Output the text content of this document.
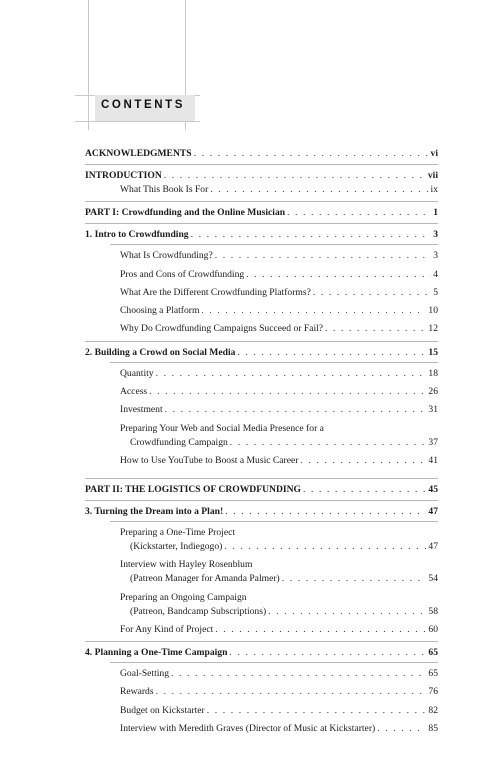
CONTENTS
ACKNOWLEDGMENTS . . .	vi
INTRODUCTION . . .	vii
What This Book Is For . . .	ix
PART I: Crowdfunding and the Online Musician . . .	1
1. Intro to Crowdfunding . . .	3
What Is Crowdfunding? . . .	3
Pros and Cons of Crowdfunding . . .	4
What Are the Different Crowdfunding Platforms? . . .	5
Choosing a Platform . . .	10
Why Do Crowdfunding Campaigns Succeed or Fail? . . .	12
2. Building a Crowd on Social Media . . .	15
Quantity . . .	18
Access . . .	26
Investment . . .	31
Preparing Your Web and Social Media Presence for a
Crowdfunding Campaign . . .	37
How to Use YouTube to Boost a Music Career . . .	41
PART II: THE LOGISTICS OF CROWDFUNDING . . .	45
3. Turning the Dream into a Plan! . . .	47
Preparing a One-Time Project
(Kickstarter, Indiegogo) . . .	47
Interview with Hayley Rosenblum
(Patreon Manager for Amanda Palmer) . . .	54
Preparing an Ongoing Campaign
(Patreon, Bandcamp Subscriptions) . . .	58
For Any Kind of Project . . .	60
4. Planning a One-Time Campaign . . .	65
Goal-Setting . . .	65
Rewards . . .	76
Budget on Kickstarter . . .	82
Interview with Meredith Graves (Director of Music at Kickstarter) . . .	85
